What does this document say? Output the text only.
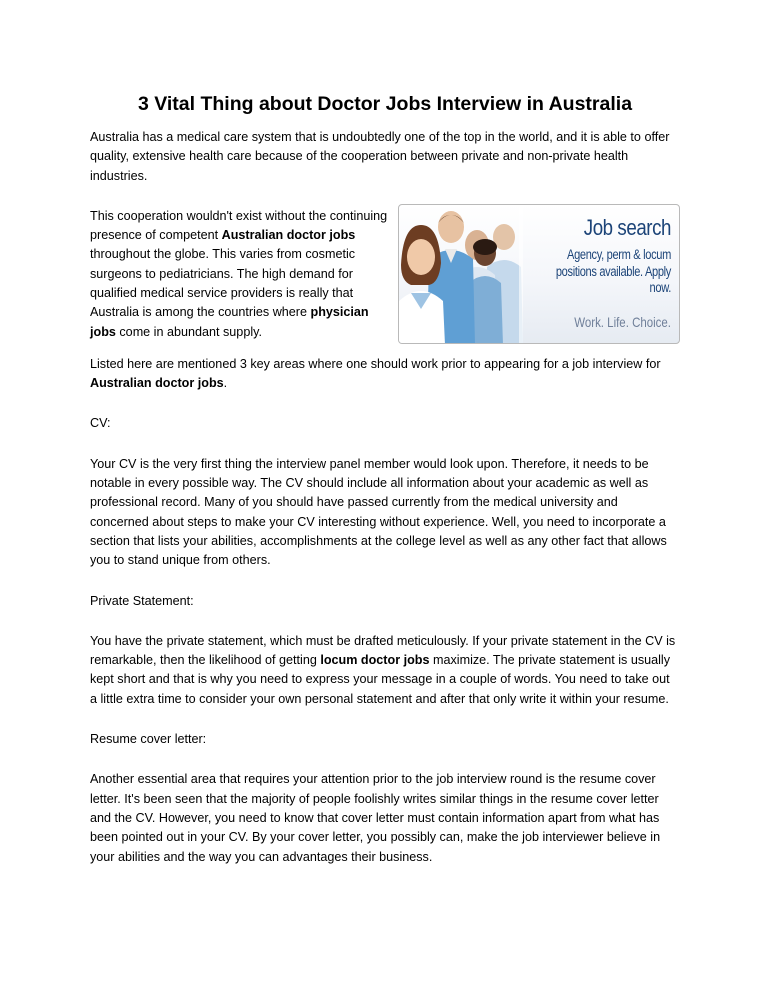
3 Vital Thing about Doctor Jobs Interview in Australia

Australia has a medical care system that is undoubtedly one of the top in the world, and it is able to offer quality, extensive health care because of the cooperation between private and non-private health industries.

This cooperation wouldn't exist without the continuing presence of competent Australian doctor jobs throughout the globe. This varies from cosmetic surgeons to pediatricians. The high demand for qualified medical service providers is really that Australia is among the countries where physician jobs come in abundant supply.

Job search
Agency, perm & locum
positions available. Apply now.
Work. Life. Choice.

Listed here are mentioned 3 key areas where one should work prior to appearing for a job interview for Australian doctor jobs.

CV:

Your CV is the very first thing the interview panel member would look upon. Therefore, it needs to be notable in every possible way. The CV should include all information about your academic as well as professional record. Many of you should have passed currently from the medical university and concerned about steps to make your CV interesting without experience. Well, you need to incorporate a section that lists your abilities, accomplishments at the college level as well as any other fact that allows you to stand unique from others.

Private Statement:

You have the private statement, which must be drafted meticulously. If your private statement in the CV is remarkable, then the likelihood of getting locum doctor jobs maximize. The private statement is usually kept short and that is why you need to express your message in a couple of words. You need to take out a little extra time to consider your own personal statement and after that only write it within your resume.

Resume cover letter:

Another essential area that requires your attention prior to the job interview round is the resume cover letter. It's been seen that the majority of people foolishly writes similar things in the resume cover letter and the CV. However, you need to know that cover letter must contain information apart from what has been pointed out in your CV. By your cover letter, you possibly can, make the job interviewer believe in your abilities and the way you can advantages their business.
